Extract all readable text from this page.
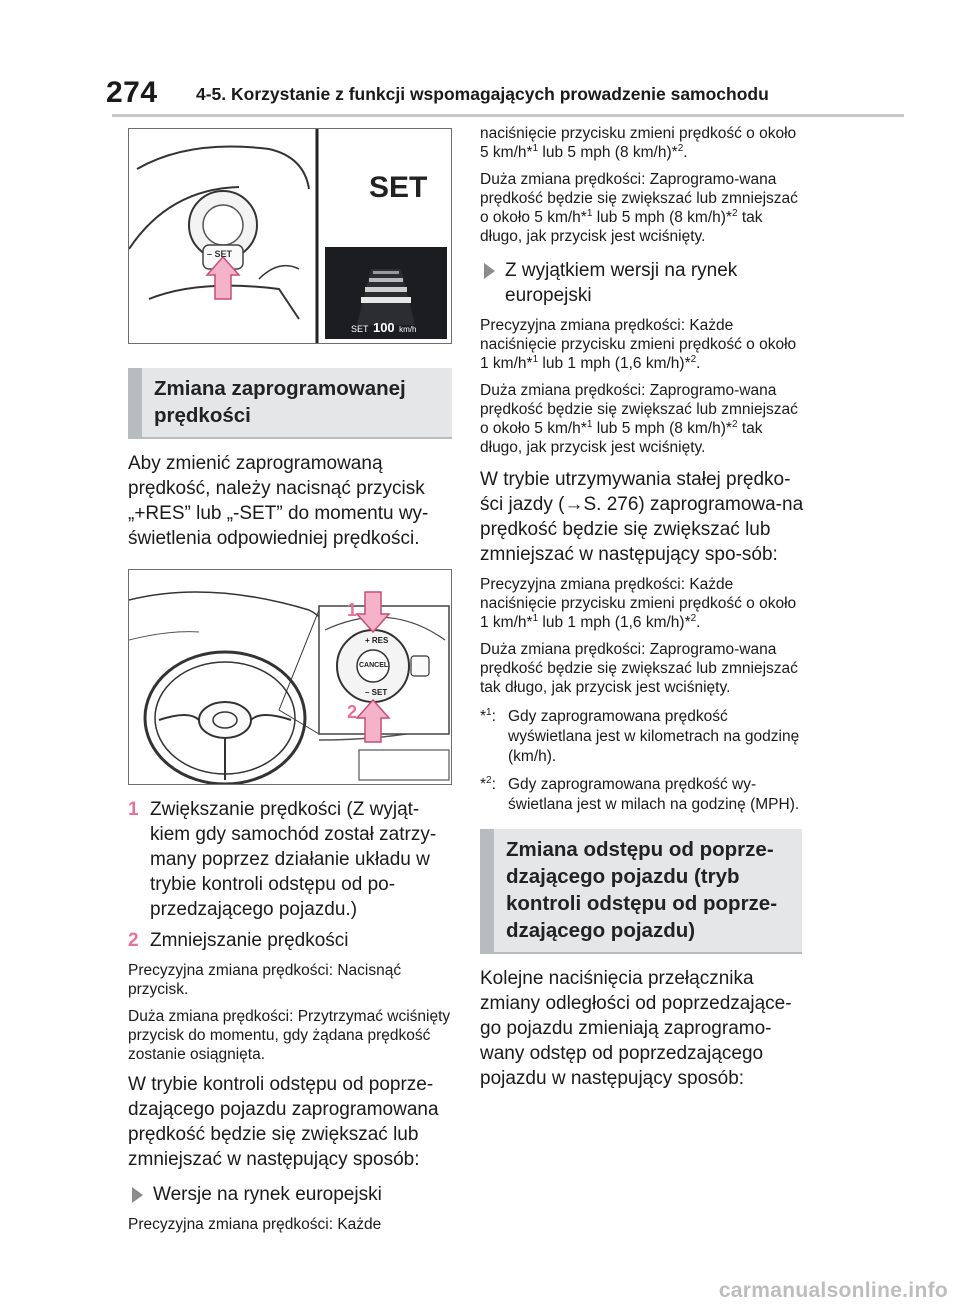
274 4-5. Korzystanie z funkcji wspomagających prowadzenie samochodu
SET
– SET
SET 100 km/h
Zmiana zaprogramowanej prędkości
Aby zmienić zaprogramowaną prędkość, należy nacisnąć przycisk „+RES” lub „-SET” do momentu wy-świetlenia odpowiedniej prędkości.
1
2
+ RES
CANCEL
– SET
1 Zwiększanie prędkości (Z wyjąt-kiem gdy samochód został zatrzy-many poprzez działanie układu w trybie kontroli odstępu od po-przedzającego pojazdu.)
2 Zmniejszanie prędkości
Precyzyjna zmiana prędkości: Nacisnąć przycisk.
Duża zmiana prędkości: Przytrzymać wciśnięty przycisk do momentu, gdy żądana prędkość zostanie osiągnięta.
W trybie kontroli odstępu od poprze-dzającego pojazdu zaprogramowana prędkość będzie się zwiększać lub zmniejszać w następujący sposób:
Wersje na rynek europejski
Precyzyjna zmiana prędkości: Każde
naciśnięcie przycisku zmieni prędkość o około 5 km/h*$^1$ lub 5 mph (8 km/h)*$^2$.
Duża zmiana prędkości: Zaprogramo-wana prędkość będzie się zwiększać lub zmniejszać o około 5 km/h*$^1$ lub 5 mph (8 km/h)*$^2$ tak długo, jak przycisk jest wciśnięty.
Z wyjątkiem wersji na rynek europejski
Precyzyjna zmiana prędkości: Każde naciśnięcie przycisku zmieni prędkość o około 1 km/h*$^1$ lub 1 mph (1,6 km/h)*$^2$.
Duża zmiana prędkości: Zaprogramo-wana prędkość będzie się zwiększać lub zmniejszać o około 5 km/h*$^1$ lub 5 mph (8 km/h)*$^2$ tak długo, jak przycisk jest wciśnięty.
W trybie utrzymywania stałej prędko-ści jazdy (→S. 276) zaprogramowa-na prędkość będzie się zwiększać lub zmniejszać w następujący spo-sób:
Precyzyjna zmiana prędkości: Każde naciśnięcie przycisku zmieni prędkość o około 1 km/h*$^1$ lub 1 mph (1,6 km/h)*$^2$.
Duża zmiana prędkości: Zaprogramo-wana prędkość będzie się zwiększać lub zmniejszać tak długo, jak przycisk jest wciśnięty.
*$^1$: Gdy zaprogramowana prędkość wyświetlana jest w kilometrach na godzinę (km/h).
*$^2$: Gdy zaprogramowana prędkość wy-świetlana jest w milach na godzinę (MPH).
Zmiana odstępu od poprze-dzającego pojazdu (tryb kontroli odstępu od poprze-dzającego pojazdu)
Kolejne naciśnięcia przełącznika zmiany odległości od poprzedzające-go pojazdu zmieniają zaprogramo-wany odstęp od poprzedzającego pojazdu w następujący sposób:
carmanualsonline.info
